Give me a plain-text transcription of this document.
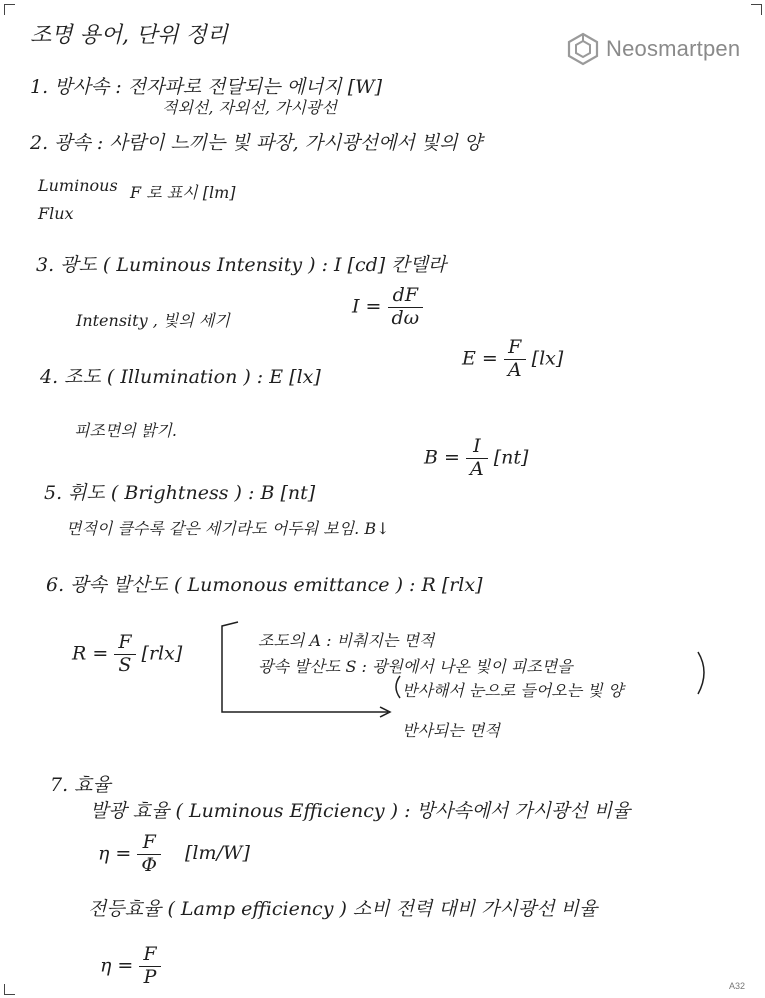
Neosmartpen
조명 용어, 단위 정리
1. 방사속 : 전자파로 전달되는 에너지 [W]
적외선, 자외선, 가시광선
2. 광속 : 사람이 느끼는 빛 파장, 가시광선에서 빛의 양
Luminous F 로 표시 [lm]
Flux
3. 광도 ( Luminous Intensity ) : I [cd] 칸델라
Intensity , 빛의 세기
$I = \frac{dF}{d\omega}$
4. 조도 ( Illumination ) : E [lx]
$E = \frac{F}{A} [lx]$
피조면의 밝기.
5. 휘도 ( Brightness ) : B [nt]
$B = \frac{I}{A} [nt]$
면적이 클수록 같은 세기라도 어두워 보임. B↓
6. 광속 발산도 ( Lumonous emittance ) : R [rlx]
$R = \frac{F}{S} [rlx]$
조도의 A : 비춰지는 면적
광속 발산도 S : 광원에서 나온 빛이 피조면을
반사해서 눈으로 들어오는 빛 양
반사되는 면적
7. 효율
발광 효율 ( Luminous Efficiency ) : 방사속에서 가시광선 비율
$\eta = \frac{F}{\Phi} [lm/W]$
전등효율 ( Lamp efficiency ) 소비 전력 대비 가시광선 비율
$\eta = \frac{F}{P}$	A32
